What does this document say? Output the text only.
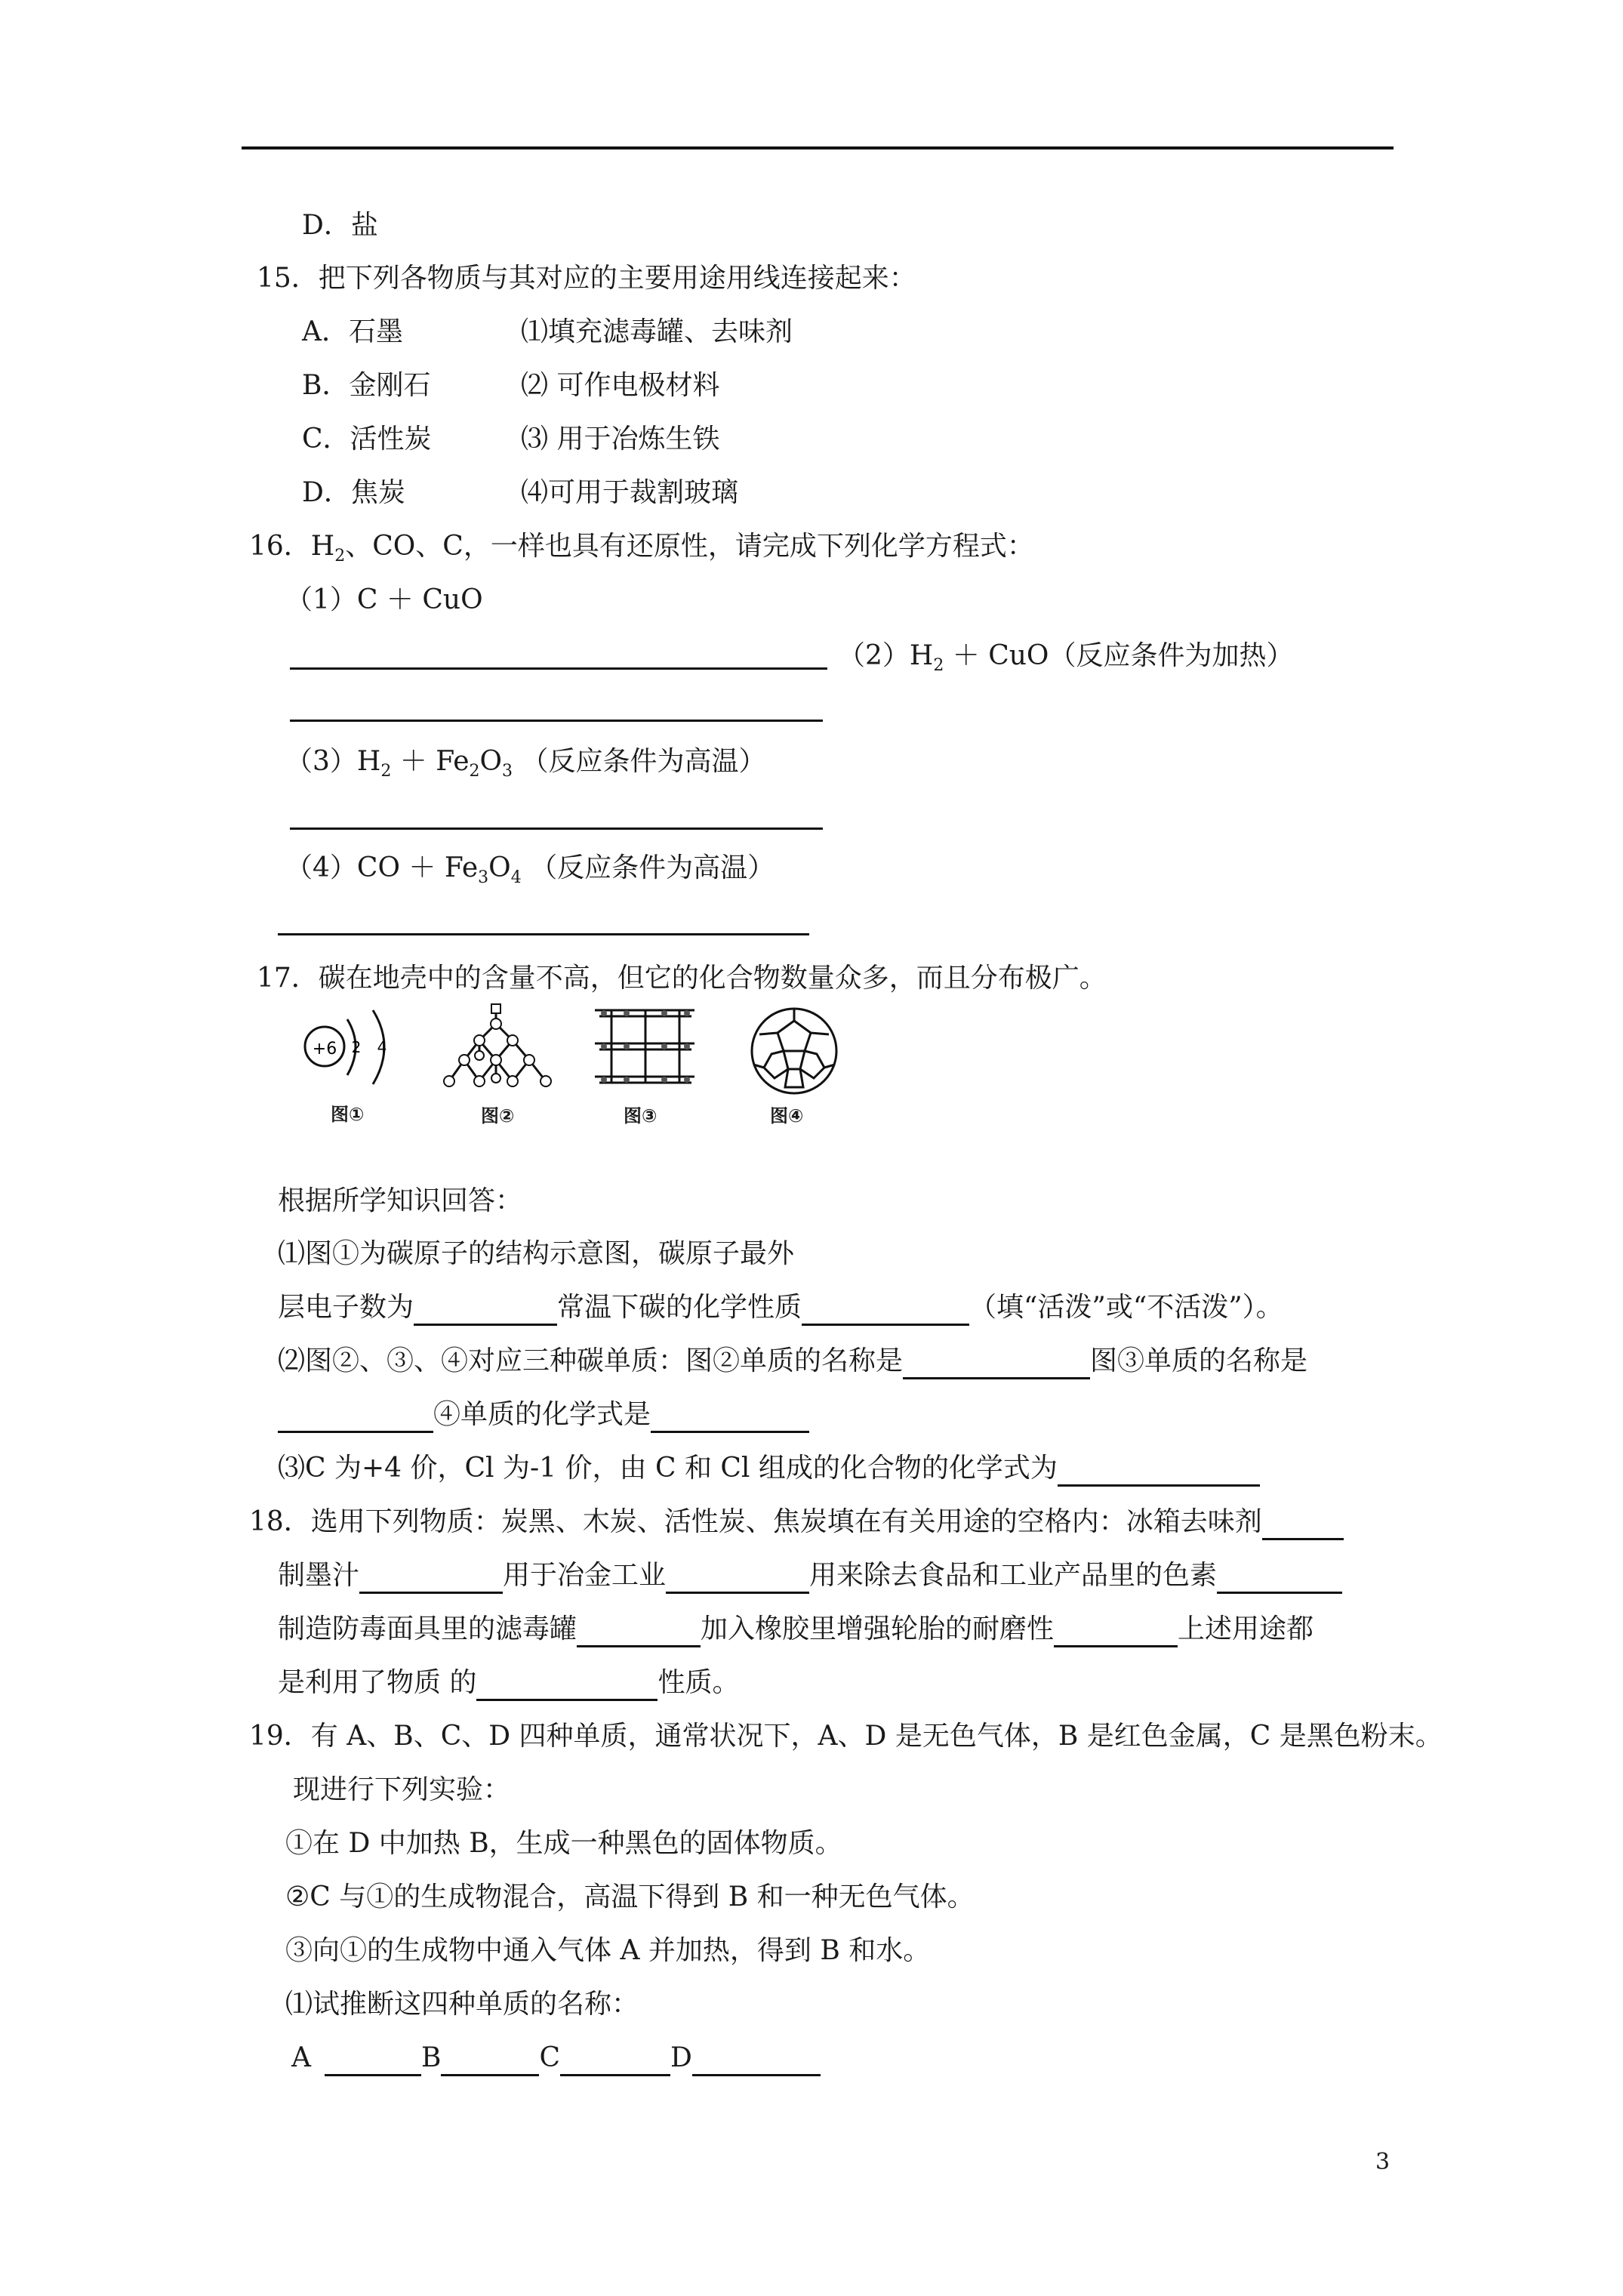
D．盐
15．把下列各物质与其对应的主要用途用线连接起来：
A．石墨	⑴填充滤毒罐、去味剂
B．金刚石	⑵ 可作电极材料
C．活性炭	⑶ 用于冶炼生铁
D．焦炭	⑷可用于裁割玻璃
16．$H_2$、CO、C，一样也具有还原性，请完成下列化学方程式：
（1）C ＋ CuO
$(2)H_2 + CuO$（反应条件为加热）
$(3)H_2 + Fe_2O_3$ （反应条件为高温）
$(4)CO + Fe_3O_4$ （反应条件为高温）
17．碳在地壳中的含量不高，但它的化合物数量众多，而且分布极广。
+6 2 4
图①	图②	图③	图④
根据所学知识回答：
⑴图①为碳原子的结构示意图，碳原子最外
层电子数为	常温下碳的化学性质	（填“活泼”或“不活泼”）。
⑵图②、③、④对应三种碳单质：图②单质的名称是	图③单质的名称是
④单质的化学式是
⑶C 为+4 价，Cl 为-1 价，由 C 和 Cl 组成的化合物的化学式为
18．选用下列物质：炭黑、木炭、活性炭、焦炭填在有关用途的空格内：冰箱去味剂
制墨汁	用于冶金工业	用来除去食品和工业产品里的色素
制造防毒面具里的滤毒罐	加入橡胶里增强轮胎的耐磨性	上述用途都
是利用了物质 的	性质。
19．有 A、B、C、D 四种单质，通常状况下，A、D 是无色气体，B 是红色金属，C 是黑色粉末。
现进行下列实验：
①在 D 中加热 B，生成一种黑色的固体物质。
②C 与①的生成物混合，高温下得到 B 和一种无色气体。
③向①的生成物中通入气体 A 并加热，得到 B 和水。
⑴试推断这四种单质的名称：
A 	B	C	D
3
